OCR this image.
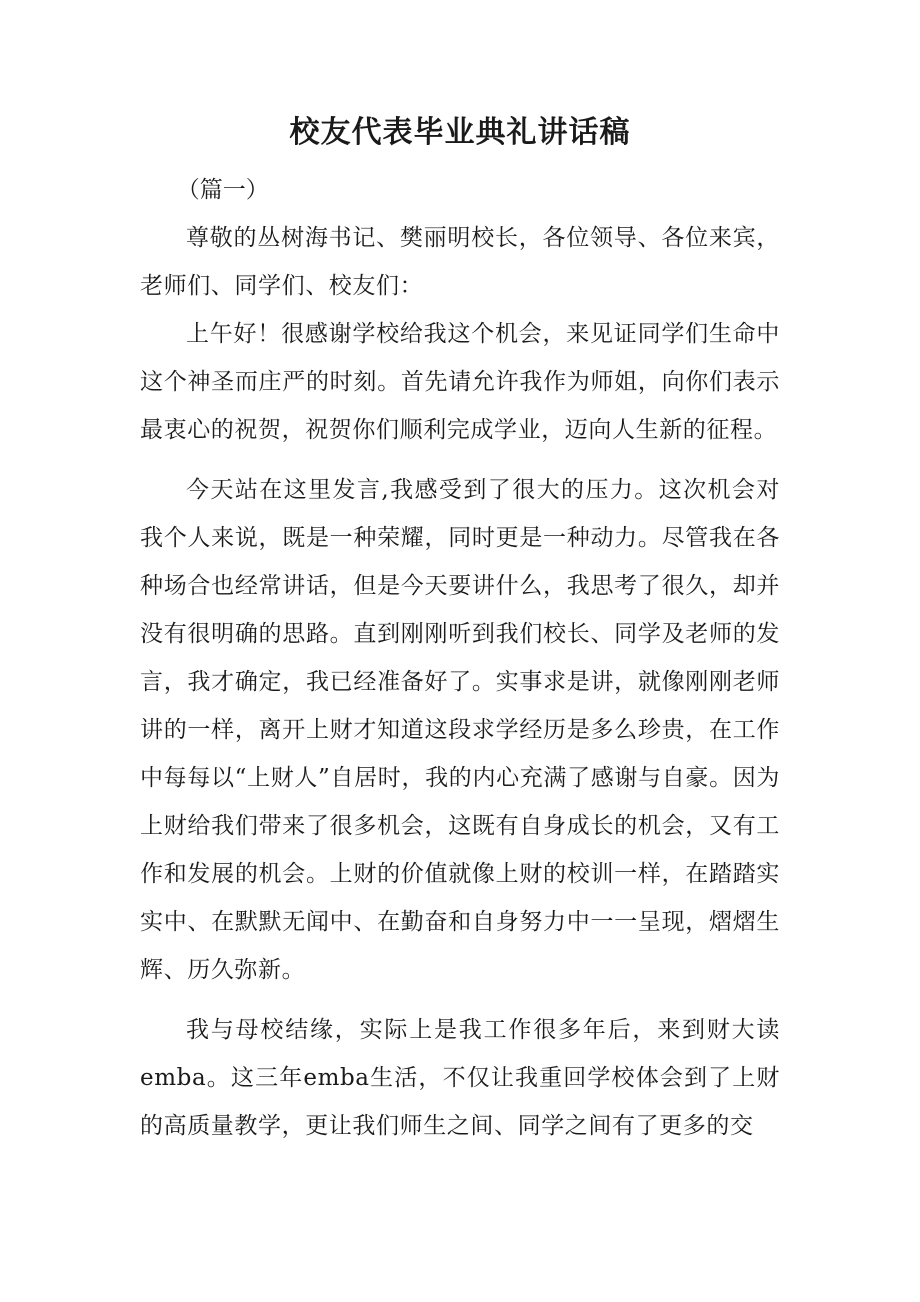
校友代表毕业典礼讲话稿

（篇一）

尊敬的丛树海书记、樊丽明校长，各位领导、各位来宾，老师们、同学们、校友们：

上午好！很感谢学校给我这个机会，来见证同学们生命中这个神圣而庄严的时刻。首先请允许我作为师姐，向你们表示最衷心的祝贺，祝贺你们顺利完成学业，迈向人生新的征程。

今天站在这里发言,我感受到了很大的压力。这次机会对我个人来说，既是一种荣耀，同时更是一种动力。尽管我在各种场合也经常讲话，但是今天要讲什么，我思考了很久，却并没有很明确的思路。直到刚刚听到我们校长、同学及老师的发言，我才确定，我已经准备好了。实事求是讲，就像刚刚老师讲的一样，离开上财才知道这段求学经历是多么珍贵，在工作中每每以“上财人”自居时，我的内心充满了感谢与自豪。因为上财给我们带来了很多机会，这既有自身成长的机会，又有工作和发展的机会。上财的价值就像上财的校训一样，在踏踏实实中、在默默无闻中、在勤奋和自身努力中一一呈现，熠熠生辉、历久弥新。

我与母校结缘，实际上是我工作很多年后，来到财大读emba。这三年emba生活，不仅让我重回学校体会到了上财的高质量教学，更让我们师生之间、同学之间有了更多的交
